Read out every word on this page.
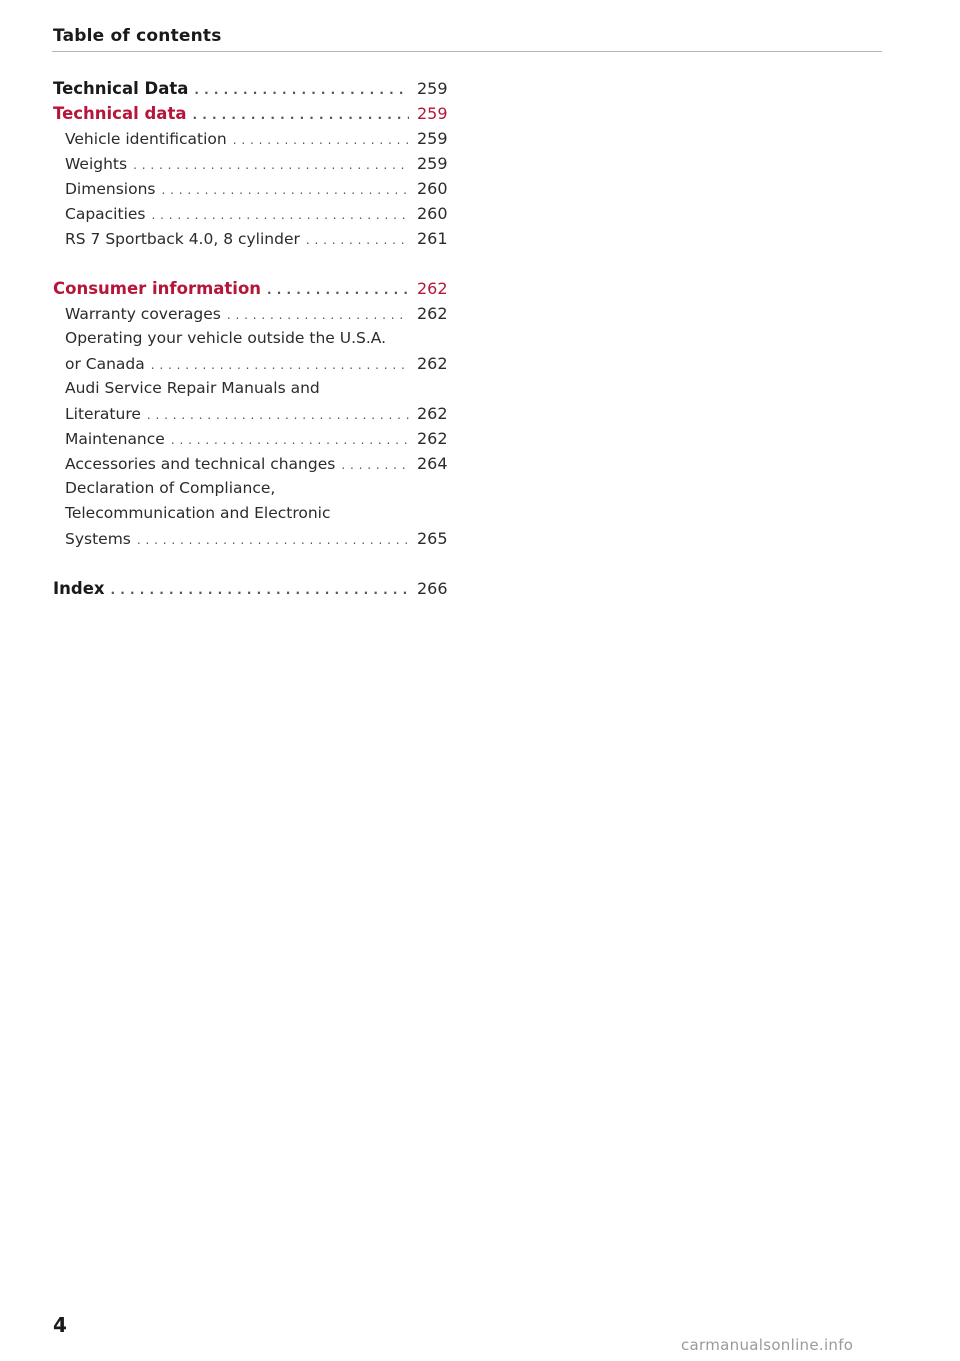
Table of contents
Technical Data . . .	259
Technical data . . .	259
Vehicle identification . . .	259
Weights . . .	259
Dimensions . . .	260
Capacities . . .	260
RS 7 Sportback 4.0, 8 cylinder . . .	261
Consumer information . . .	262
Warranty coverages . . .	262
Operating your vehicle outside the U.S.A.
or Canada . . .	262
Audi Service Repair Manuals and
Literature . . .	262
Maintenance . . .	262
Accessories and technical changes . . .	264
Declaration of Compliance,
Telecommunication and Electronic
Systems . . .	265
Index . . .	266
4
carmanualsonline.info
